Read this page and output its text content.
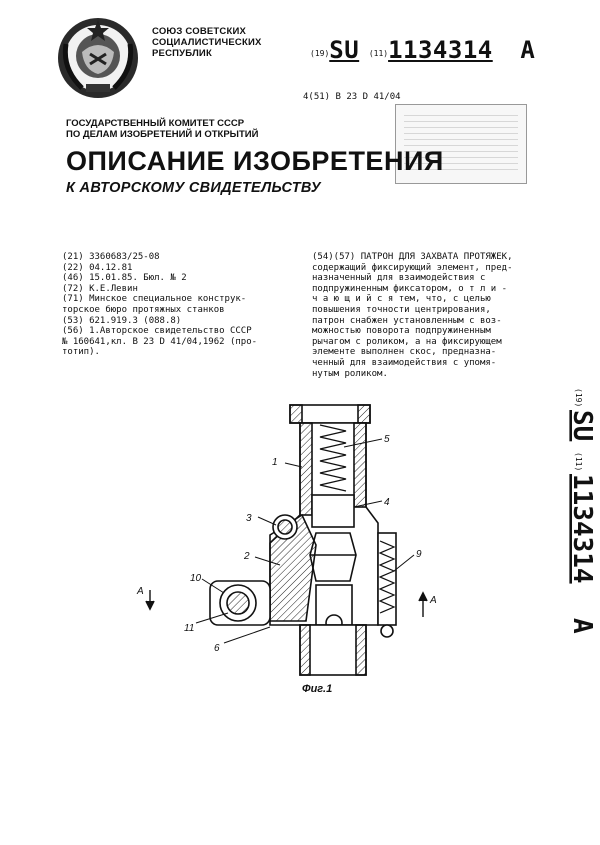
СОЮЗ СОВЕТСКИХ
СОЦИАЛИСТИЧЕСКИХ
РЕСПУБЛИК	(19)SU (11)1134314 A
4(51) B 23 D 41/04
ГОСУДАРСТВЕННЫЙ КОМИТЕТ СССР
ПО ДЕЛАМ ИЗОБРЕТЕНИЙ И ОТКРЫТИЙ
ОПИСАНИЕ ИЗОБРЕТЕНИЯ
К АВТОРСКОМУ СВИДЕТЕЛЬСТВУ
(21) 3360683/25-08
(22) 04.12.81
(46) 15.01.85. Бюл. № 2
(72) К.Е.Левин
(71) Минское специальное конструк-
торское бюро протяжных станков
(53) 621.919.3 (088.8)
(56) 1.Авторское свидетельство СССР
№ 160641,кл. B 23 D 41/04,1962 (про-
тотип).
(54)(57) ПАТРОН ДЛЯ ЗАХВАТА ПРОТЯЖЕК,
содержащий фиксирующий элемент, пред-
назначенный для взаимодействия с
подпружиненным фиксатором, о т л и -
ч а ю щ и й с я тем, что, с целью
повышения точности центрирования,
патрон снабжен установленным с воз-
можностью поворота подпружиненным
рычагом с роликом, а на фиксирующем
элементе выполнен скос, предназна-
ченный для взаимодействия с упомя-
нутым роликом.
(19)
SU
(11)
1134314
A
1
5
4
3
2
10
11
6
9
A
A
Фиг.1
